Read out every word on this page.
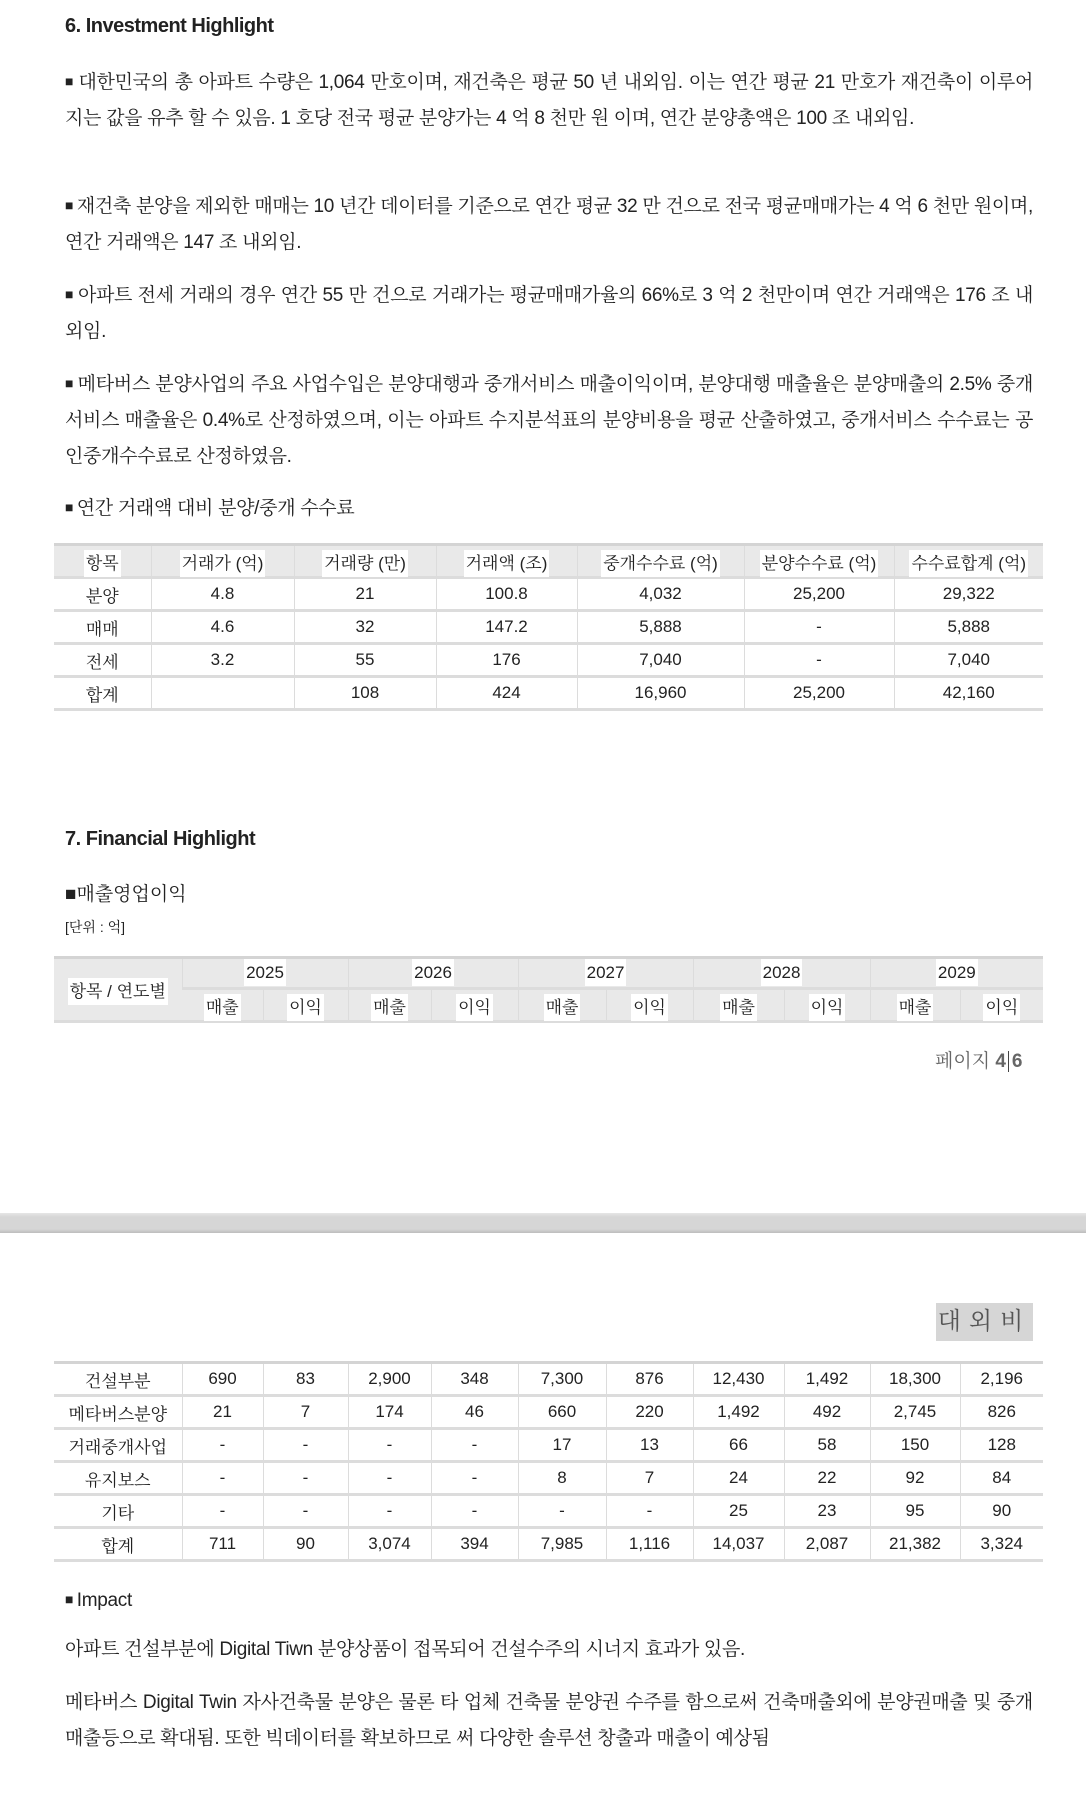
6. Investment Highlight
■ 대한민국의 총 아파트 수량은 1,064 만호이며, 재건축은 평균 50 년 내외임. 이는 연간 평균 21 만호가 재건축이 이루어지는 값을 유추 할 수 있음. 1 호당 전국 평균 분양가는 4 억 8 천만 원 이며, 연간 분양총액은 100 조 내외임.
■ 재건축 분양을 제외한 매매는 10 년간 데이터를 기준으로 연간 평균 32 만 건으로 전국 평균매매가는 4 억 6 천만 원이며, 연간 거래액은 147 조 내외임.
■ 아파트 전세 거래의 경우 연간 55 만 건으로 거래가는 평균매매가율의 66%로 3 억 2 천만이며 연간 거래액은 176 조 내외임.
■ 메타버스 분양사업의 주요 사업수입은 분양대행과 중개서비스 매출이익이며, 분양대행 매출율은 분양매출의 2.5% 중개서비스 매출율은 0.4%로 산정하였으며, 이는 아파트 수지분석표의 분양비용을 평균 산출하였고, 중개서비스 수수료는 공인중개수수료로 산정하였음.
■ 연간 거래액 대비 분양/중개 수수료
항목	거래가 (억)	거래량 (만)	거래액 (조)	중개수수료 (억)	분양수수료 (억)	수수료합계 (억)
분양	4.8	21	100.8	4,032	25,200	29,322
매매	4.6	32	147.2	5,888	-	5,888
전세	3.2	55	176	7,040	-	7,040
합계		108	424	16,960	25,200	42,160
7. Financial Highlight
■매출영업이익
[단위 : 억]
항목 / 연도별	2025		2026		2027		2028		2029	
	매출	이익	매출	이익	매출	이익	매출	이익	매출	이익
페이지 4 6
대외비
건설부분	690	83	2,900	348	7,300	876	12,430	1,492	18,300	2,196
메타버스분양	21	7	174	46	660	220	1,492	492	2,745	826
거래중개사업	-	-	-	-	17	13	66	58	150	128
유지보스	-	-	-	-	8	7	24	22	92	84
기타	-	-	-	-	-	-	25	23	95	90
합계	711	90	3,074	394	7,985	1,116	14,037	2,087	21,382	3,324
■ Impact
아파트 건설부분에 Digital Tiwn 분양상품이 접목되어 건설수주의 시너지 효과가 있음.
메타버스 Digital Twin 자사건축물 분양은 물론 타 업체 건축물 분양권 수주를 함으로써 건축매출외에 분양권매출 및 중개매출등으로 확대됨. 또한 빅데이터를 확보하므로 써 다양한 솔루션 창출과 매출이 예상됨
